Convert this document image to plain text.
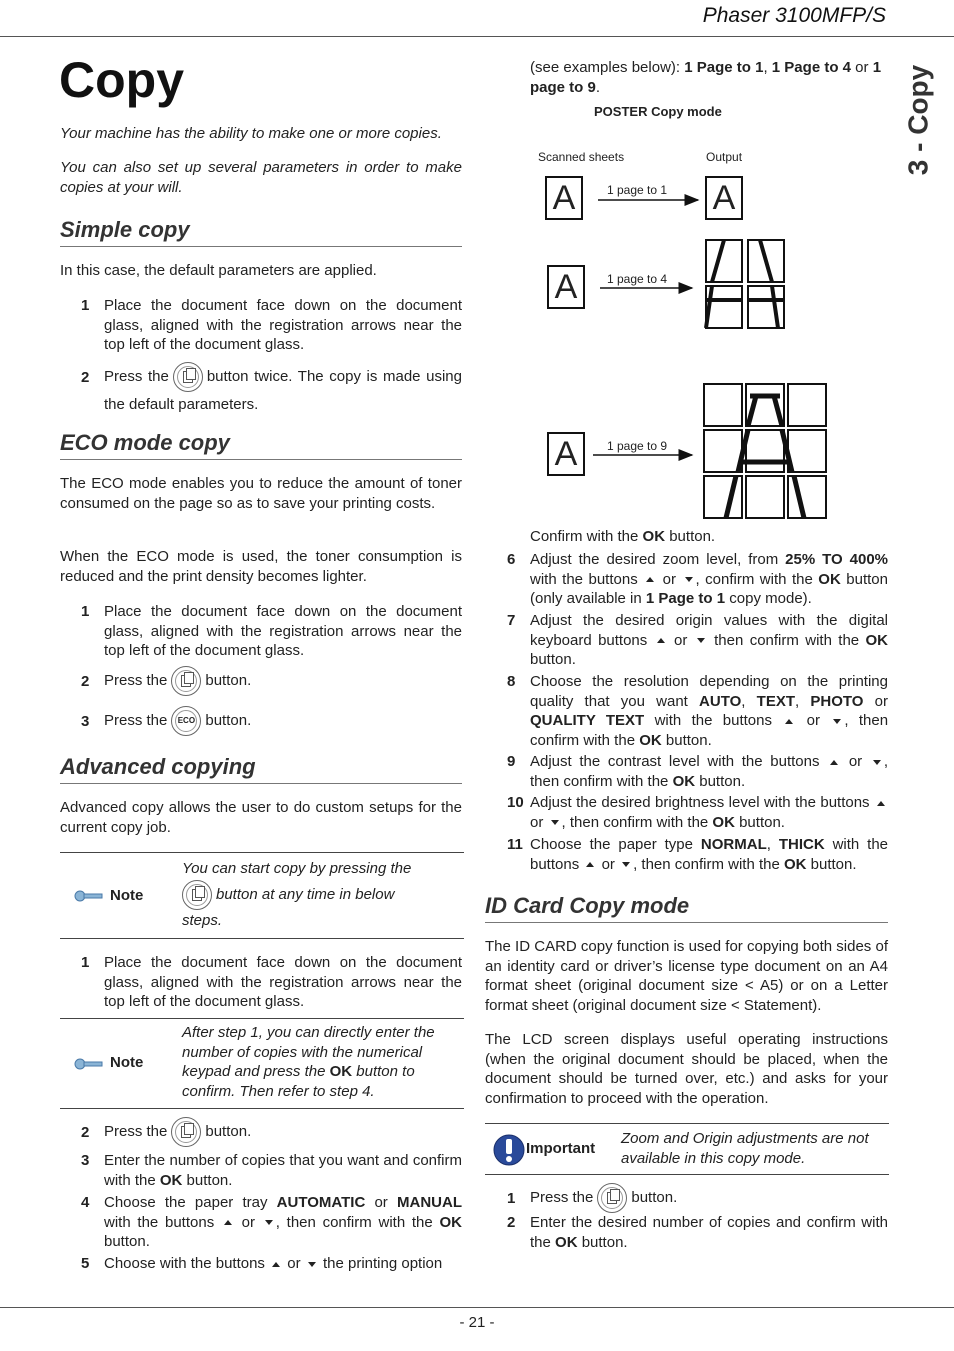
Phaser 3100MFP/S
3 - Copy
- 21 -
Copy
Your machine has the ability to make one or more copies.
You can also set up several parameters in order to make copies at your will.
Simple copy
In this case, the default parameters are applied.
1 Place the document face down on the document glass, aligned with the registration arrows near the top left of the document glass.
2 Press the	button twice. The copy is made using the default parameters.
ECO mode copy
The ECO mode enables you to reduce the amount of toner consumed on the page so as to save your printing costs.
When the ECO mode is used, the toner consumption is reduced and the print density becomes lighter.
1 Place the document face down on the document glass, aligned with the registration arrows near the top left of the document glass.
2 Press the	button.
3 Press the	ECO button.
Advanced copying
Advanced copy allows the user to do custom setups for the current copy job.
Note
You can start copy by pressing the
button at any time in below
steps.
1 Place the document face down on the document glass, aligned with the registration arrows near the top left of the document glass.
Note
After step 1, you can directly enter the number of copies with the numerical keypad and press the OK button to confirm. Then refer to step 4.
2 Press the	button.
3 Enter the number of copies that you want and confirm with the OK button.
4 Choose the paper tray AUTOMATIC or MANUAL with the buttons or , then confirm with the OK button.
5 Choose with the buttons or the printing option
(see examples below): 1 Page to 1, 1 Page to 4 or 1 page to 9.
POSTER Copy mode
Scanned sheets	Output
1 page to 1
1 page to 4
1 page to 9
A	A
A
A
Confirm with the OK button.
6 Adjust the desired zoom level, from 25% TO 400% with the buttons or , confirm with the OK button (only available in 1 Page to 1 copy mode).
7 Adjust the desired origin values with the digital keyboard buttons or then confirm with the OK button.
8 Choose the resolution depending on the printing quality that you want AUTO, TEXT, PHOTO or QUALITY TEXT with the buttons or , then confirm with the OK button.
9 Adjust the contrast level with the buttons or , then confirm with the OK button.
10 Adjust the desired brightness level with the buttons  or , then confirm with the OK button.
11 Choose the paper type NORMAL, THICK with the buttons or , then confirm with the OK button.
ID Card Copy mode
The ID CARD copy function is used for copying both sides of an identity card or driver’s license type document on an A4 format sheet (original document size < A5) or on a Letter format sheet (original document size < Statement).
The LCD screen displays useful operating instructions (when the original document should be placed, when the document should be turned over, etc.) and asks for your confirmation to proceed with the operation.
Important
Zoom and Origin adjustments are not available in this copy mode.
1 Press the	button.
2 Enter the desired number of copies and confirm with the OK button.
